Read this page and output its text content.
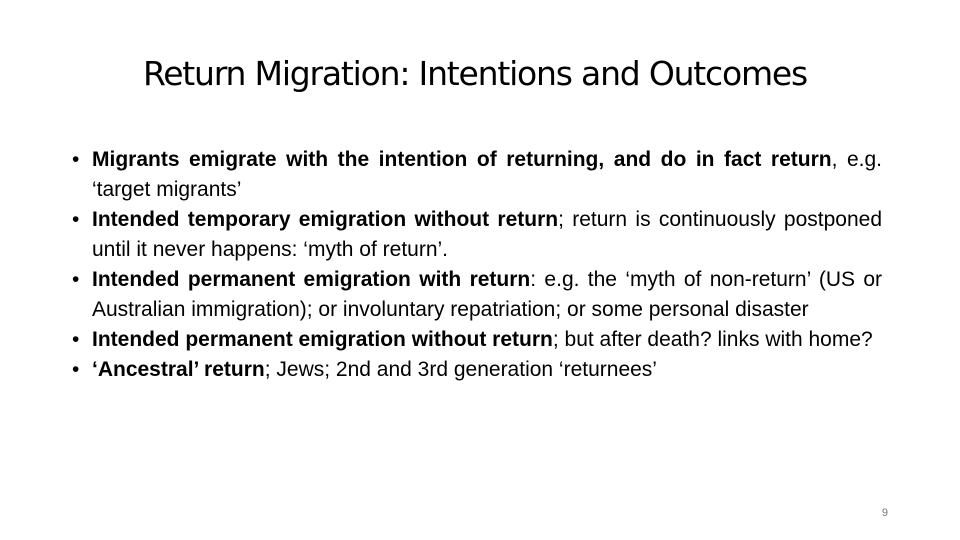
Return Migration: Intentions and Outcomes
• Migrants emigrate with the intention of returning, and do in fact return, e.g. ‘target migrants’
• Intended temporary emigration without return; return is continuously postponed until it never happens: ‘myth of return’.
• Intended permanent emigration with return: e.g. the ‘myth of non-return’ (US or Australian immigration); or involuntary repatriation; or some personal disaster
• Intended permanent emigration without return; but after death? links with home?
• ‘Ancestral’ return; Jews; 2nd and 3rd generation ‘returnees’
9
